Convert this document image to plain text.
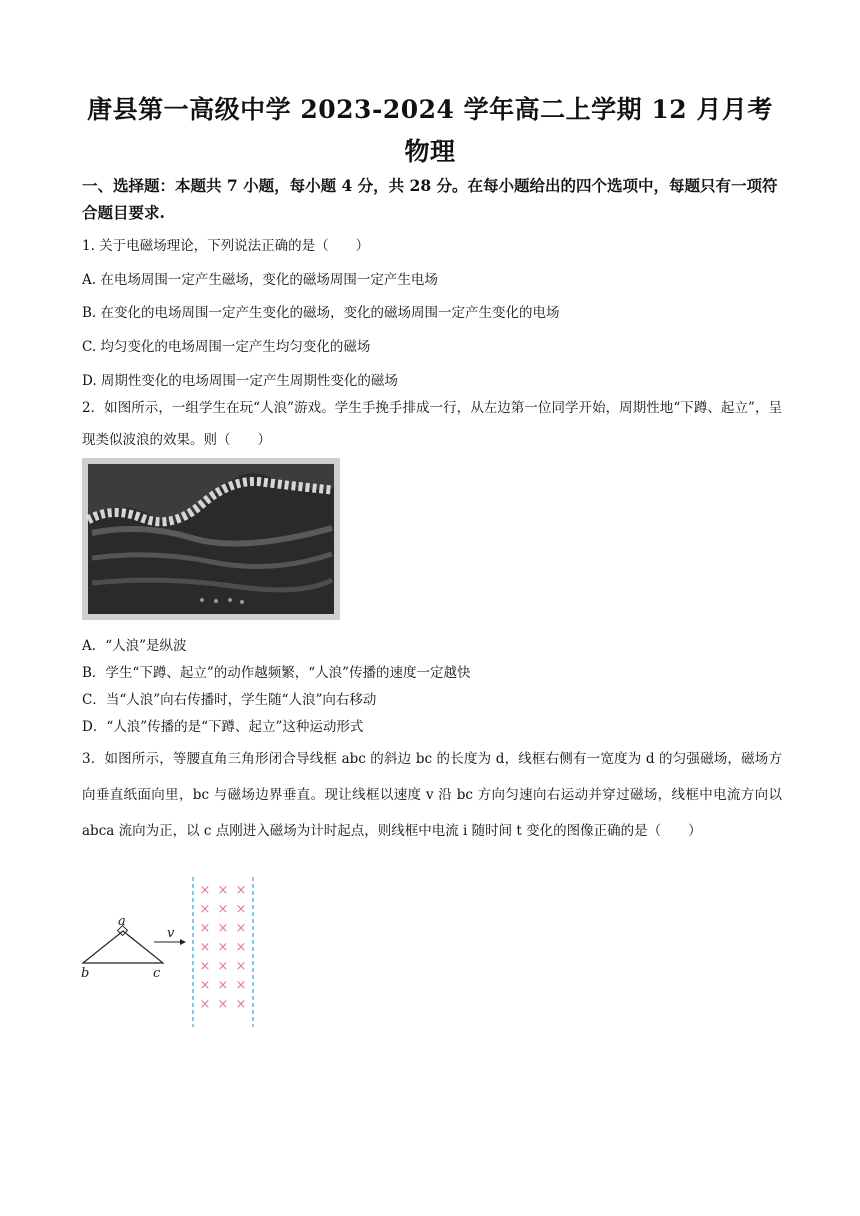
唐县第一高级中学 2023-2024 学年高二上学期 12 月月考
物理
一、选择题：本题共 7 小题，每小题 4 分，共 28 分。在每小题给出的四个选项中，每题只有一项符合题目要求.
1. 关于电磁场理论，下列说法正确的是（　　）
A. 在电场周围一定产生磁场，变化的磁场周围一定产生电场
B. 在变化的电场周围一定产生变化的磁场，变化的磁场周围一定产生变化的电场
C. 均匀变化的电场周围一定产生均匀变化的磁场
D. 周期性变化的电场周围一定产生周期性变化的磁场
2．如图所示，一组学生在玩“人浪”游戏。学生手挽手排成一行，从左边第一位同学开始，周期性地“下蹲、起立”，呈现类似波浪的效果。则（　　）
A．“人浪”是纵波
B．学生“下蹲、起立”的动作越频繁，“人浪”传播的速度一定越快
C．当“人浪”向右传播时，学生随“人浪”向右移动
D．“人浪”传播的是“下蹲、起立”这种运动形式
3．如图所示，等腰直角三角形闭合导线框 abc 的斜边 bc 的长度为 d，线框右侧有一宽度为 d 的匀强磁场，磁场方向垂直纸面向里，bc 与磁场边界垂直。现让线框以速度 v 沿 bc 方向匀速向右运动并穿过磁场，线框中电流方向以 abca 流向为正，以 c 点刚进入磁场为计时起点，则线框中电流 i 随时间 t 变化的图像正确的是（　　）
a
b	c
v
× × ×
× × ×
× × ×
× × ×
× × ×
× × ×
× × ×
